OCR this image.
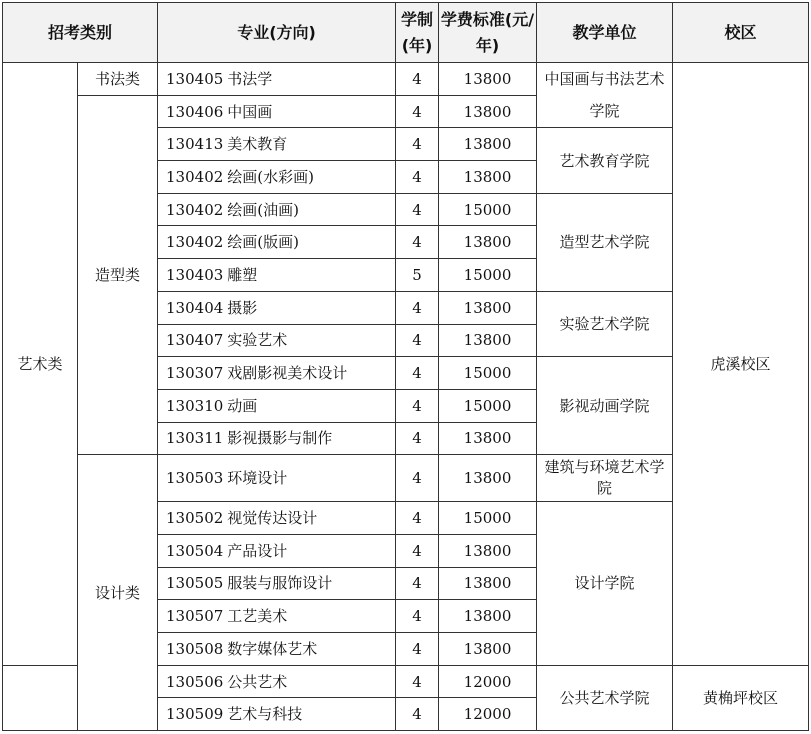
招考类别		专业(方向)	学制(年)	学费标准(元/年)	教学单位	校区
艺术类	书法类	130405 书法学	4	13800	中国画与书法艺术学院	虎溪校区
	造型类	130406 中国画	4	13800		
		130413 美术教育	4	13800	艺术教育学院	
		130402 绘画(水彩画)	4	13800		
		130402 绘画(油画)	4	15000	造型艺术学院	
		130402 绘画(版画)	4	13800		
		130403 雕塑	5	15000		
		130404 摄影	4	13800	实验艺术学院	
		130407 实验艺术	4	13800		
		130307 戏剧影视美术设计	4	15000	影视动画学院	
		130310 动画	4	15000		
		130311 影视摄影与制作	4	13800		
	设计类	130503 环境设计	4	13800	建筑与环境艺术学院	
		130502 视觉传达设计	4	15000	设计学院	
		130504 产品设计	4	13800		
		130505 服装与服饰设计	4	13800		
		130507 工艺美术	4	13800		
		130508 数字媒体艺术	4	13800		
		130506 公共艺术	4	12000	公共艺术学院	黄桷坪校区
		130509 艺术与科技	4	12000		
